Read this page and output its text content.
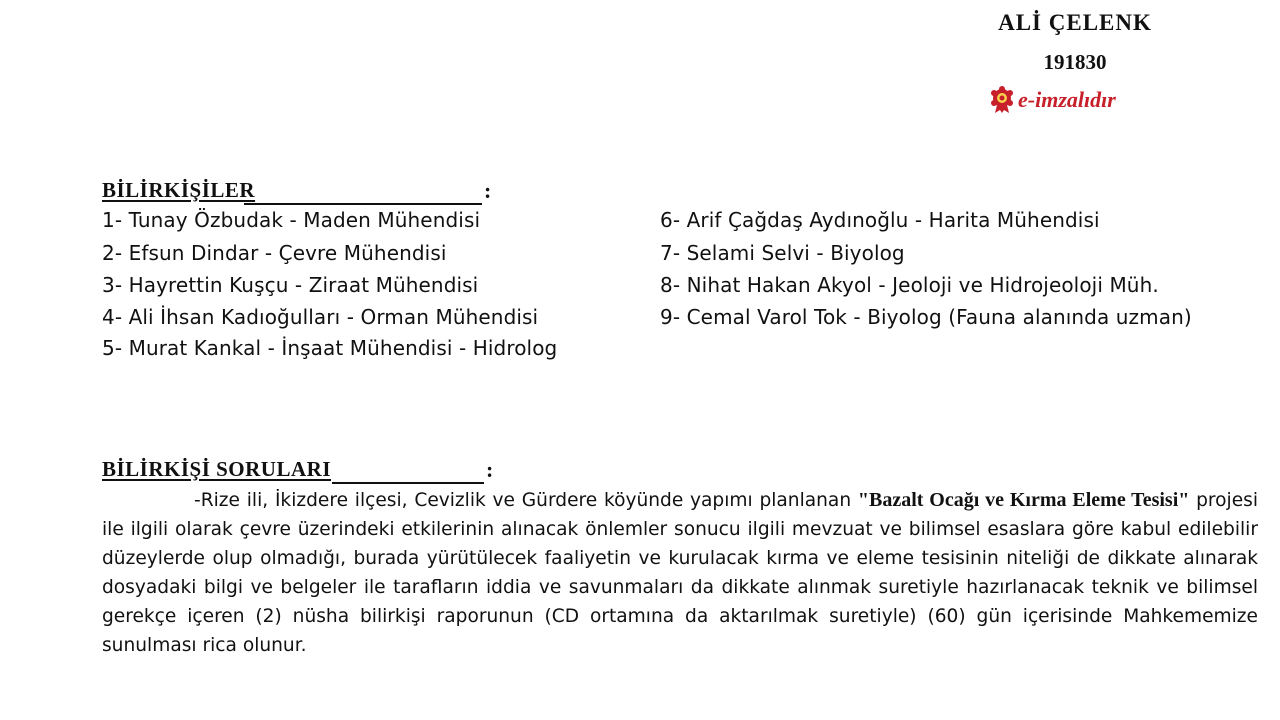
ALİ ÇELENK
191830
e-imzalıdır
BİLİRKİŞİLER	:
1- Tunay Özbudak - Maden Mühendisi
2- Efsun Dindar - Çevre Mühendisi
3- Hayrettin Kuşçu - Ziraat Mühendisi
4- Ali İhsan Kadıoğulları - Orman Mühendisi
5- Murat Kankal - İnşaat Mühendisi - Hidrolog
6- Arif Çağdaş Aydınoğlu - Harita Mühendisi
7- Selami Selvi - Biyolog
8- Nihat Hakan Akyol - Jeoloji ve Hidrojeoloji Müh.
9- Cemal Varol Tok - Biyolog (Fauna alanında uzman)
BİLİRKİŞİ SORULARI	:
-Rize ili, İkizdere ilçesi, Cevizlik ve Gürdere köyünde yapımı planlanan "Bazalt Ocağı ve Kırma Eleme Tesisi" projesi ile ilgili olarak çevre üzerindeki etkilerinin alınacak önlemler sonucu ilgili mevzuat ve bilimsel esaslara göre kabul edilebilir düzeylerde olup olmadığı, burada yürütülecek faaliyetin ve kurulacak kırma ve eleme tesisinin niteliği de dikkate alınarak dosyadaki bilgi ve belgeler ile tarafların iddia ve savunmaları da dikkate alınmak suretiyle hazırlanacak teknik ve bilimsel gerekçe içeren (2) nüsha bilirkişi raporunun (CD ortamına da aktarılmak suretiyle) (60) gün içerisinde Mahkememize sunulması rica olunur.
